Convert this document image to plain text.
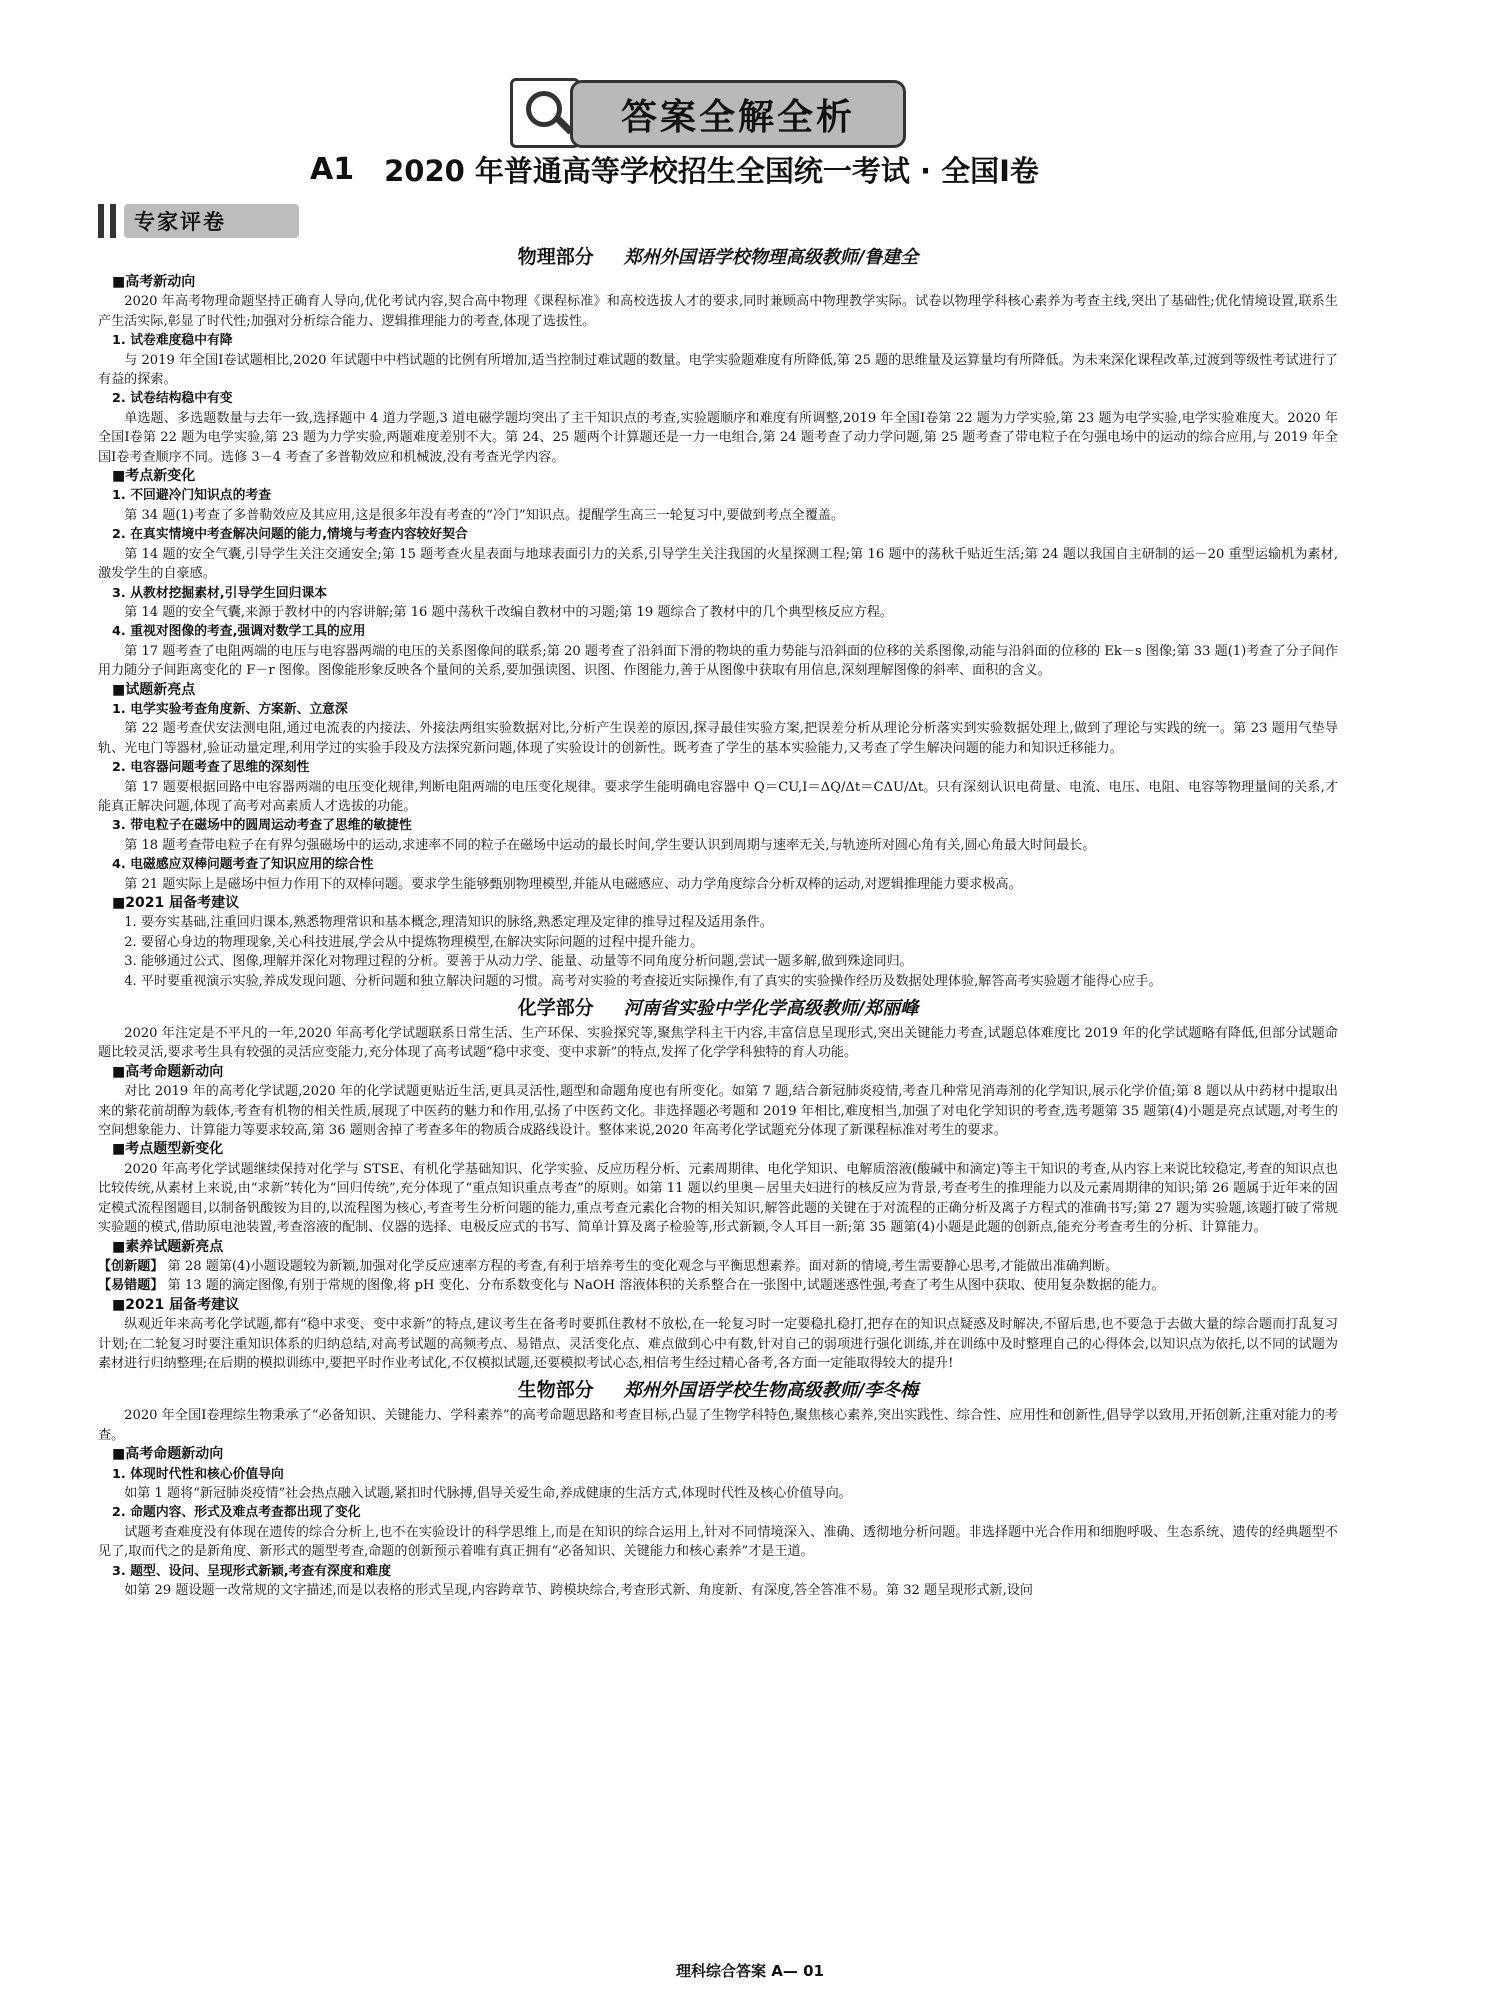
答案全解全析
A1 2020 年普通高等学校招生全国统一考试 · 全国Ⅰ卷
专家评卷
物理部分 郑州外国语学校物理高级教师/鲁建全

■高考新动向

2020 年高考物理命题坚持正确育人导向,优化考试内容,契合高中物理《课程标准》和高校选拔人才的要求,同时兼顾高中物理教学实际。试卷以物理学科核心素养为考查主线,突出了基础性;优化情境设置,联系生产生活实际,彰显了时代性;加强对分析综合能力、逻辑推理能力的考查,体现了选拔性。

1. 试卷难度稳中有降

与 2019 年全国Ⅰ卷试题相比,2020 年试题中中档试题的比例有所增加,适当控制过难试题的数量。电学实验题难度有所降低,第 25 题的思维量及运算量均有所降低。为未来深化课程改革,过渡到等级性考试进行了有益的探索。

2. 试卷结构稳中有变

单选题、多选题数量与去年一致,选择题中 4 道力学题,3 道电磁学题均突出了主干知识点的考查,实验题顺序和难度有所调整,2019 年全国Ⅰ卷第 22 题为力学实验,第 23 题为电学实验,电学实验难度大。2020 年全国Ⅰ卷第 22 题为电学实验,第 23 题为力学实验,两题难度差别不大。第 24、25 题两个计算题还是一力一电组合,第 24 题考查了动力学问题,第 25 题考查了带电粒子在匀强电场中的运动的综合应用,与 2019 年全国Ⅰ卷考查顺序不同。选修 3－4 考查了多普勒效应和机械波,没有考查光学内容。

■考点新变化

1. 不回避冷门知识点的考查

第 34 题(1)考查了多普勒效应及其应用,这是很多年没有考查的“冷门”知识点。提醒学生高三一轮复习中,要做到考点全覆盖。

2. 在真实情境中考查解决问题的能力,情境与考查内容较好契合

第 14 题的安全气囊,引导学生关注交通安全;第 15 题考查火星表面与地球表面引力的关系,引导学生关注我国的火星探测工程;第 16 题中的荡秋千贴近生活;第 24 题以我国自主研制的运－20 重型运输机为素材,激发学生的自豪感。

3. 从教材挖掘素材,引导学生回归课本

第 14 题的安全气囊,来源于教材中的内容讲解;第 16 题中荡秋千改编自教材中的习题;第 19 题综合了教材中的几个典型核反应方程。

4. 重视对图像的考查,强调对数学工具的应用

第 17 题考查了电阻两端的电压与电容器两端的电压的关系图像间的联系;第 20 题考查了沿斜面下滑的物块的重力势能与沿斜面的位移的关系图像,动能与沿斜面的位移的 Ek－s 图像;第 33 题(1)考查了分子间作用力随分子间距离变化的 F－r 图像。图像能形象反映各个量间的关系,要加强读图、识图、作图能力,善于从图像中获取有用信息,深刻理解图像的斜率、面积的含义。

■试题新亮点

1. 电学实验考查角度新、方案新、立意深

第 22 题考查伏安法测电阻,通过电流表的内接法、外接法两组实验数据对比,分析产生误差的原因,探寻最佳实验方案,把误差分析从理论分析落实到实验数据处理上,做到了理论与实践的统一。第 23 题用气垫导轨、光电门等器材,验证动量定理,利用学过的实验手段及方法探究新问题,体现了实验设计的创新性。既考查了学生的基本实验能力,又考查了学生解决问题的能力和知识迁移能力。

2. 电容器问题考查了思维的深刻性

第 17 题要根据回路中电容器两端的电压变化规律,判断电阻两端的电压变化规律。要求学生能明确电容器中 Q＝CU,I＝ΔQ/Δt＝CΔU/Δt。只有深刻认识电荷量、电流、电压、电阻、电容等物理量间的关系,才能真正解决问题,体现了高考对高素质人才选拔的功能。

3. 带电粒子在磁场中的圆周运动考查了思维的敏捷性

第 18 题考查带电粒子在有界匀强磁场中的运动,求速率不同的粒子在磁场中运动的最长时间,学生要认识到周期与速率无关,与轨迹所对圆心角有关,圆心角最大时间最长。

4. 电磁感应双棒问题考查了知识应用的综合性

第 21 题实际上是磁场中恒力作用下的双棒问题。要求学生能够甄别物理模型,并能从电磁感应、动力学角度综合分析双棒的运动,对逻辑推理能力要求极高。

■2021 届备考建议

1. 要夯实基础,注重回归课本,熟悉物理常识和基本概念,理清知识的脉络,熟悉定理及定律的推导过程及适用条件。

2. 要留心身边的物理现象,关心科技进展,学会从中提炼物理模型,在解决实际问题的过程中提升能力。

3. 能够通过公式、图像,理解并深化对物理过程的分析。要善于从动力学、能量、动量等不同角度分析问题,尝试一题多解,做到殊途同归。

4. 平时要重视演示实验,养成发现问题、分析问题和独立解决问题的习惯。高考对实验的考查接近实际操作,有了真实的实验操作经历及数据处理体验,解答高考实验题才能得心应手。

化学部分 河南省实验中学化学高级教师/郑丽峰

2020 年注定是不平凡的一年,2020 年高考化学试题联系日常生活、生产环保、实验探究等,聚焦学科主干内容,丰富信息呈现形式,突出关键能力考查,试题总体难度比 2019 年的化学试题略有降低,但部分试题命题比较灵活,要求考生具有较强的灵活应变能力,充分体现了高考试题“稳中求变、变中求新”的特点,发挥了化学学科独特的育人功能。

■高考命题新动向

对比 2019 年的高考化学试题,2020 年的化学试题更贴近生活,更具灵活性,题型和命题角度也有所变化。如第 7 题,结合新冠肺炎疫情,考查几种常见消毒剂的化学知识,展示化学价值;第 8 题以从中药材中提取出来的紫花前胡醇为载体,考查有机物的相关性质,展现了中医药的魅力和作用,弘扬了中医药文化。非选择题必考题和 2019 年相比,难度相当,加强了对电化学知识的考查,选考题第 35 题第(4)小题是亮点试题,对考生的空间想象能力、计算能力等要求较高,第 36 题则舍掉了考查多年的物质合成路线设计。整体来说,2020 年高考化学试题充分体现了新课程标准对考生的要求。

■考点题型新变化

2020 年高考化学试题继续保持对化学与 STSE、有机化学基础知识、化学实验、反应历程分析、元素周期律、电化学知识、电解质溶液(酸碱中和滴定)等主干知识的考查,从内容上来说比较稳定,考查的知识点也比较传统,从素材上来说,由“求新”转化为“回归传统”,充分体现了“重点知识重点考查”的原则。如第 11 题以约里奥－居里夫妇进行的核反应为背景,考查考生的推理能力以及元素周期律的知识;第 26 题属于近年来的固定模式流程图题目,以制备钒酸铵为目的,以流程图为核心,考查考生分析问题的能力,重点考查元素化合物的相关知识,解答此题的关键在于对流程的正确分析及离子方程式的准确书写;第 27 题为实验题,该题打破了常规实验题的模式,借助原电池装置,考查溶液的配制、仪器的选择、电极反应式的书写、简单计算及离子检验等,形式新颖,令人耳目一新;第 35 题第(4)小题是此题的创新点,能充分考查考生的分析、计算能力。

■素养试题新亮点

【创新题】 第 28 题第(4)小题设题较为新颖,加强对化学反应速率方程的考查,有利于培养考生的变化观念与平衡思想素养。面对新的情境,考生需要静心思考,才能做出准确判断。

【易错题】 第 13 题的滴定图像,有别于常规的图像,将 pH 变化、分布系数变化与 NaOH 溶液体积的关系整合在一张图中,试题迷惑性强,考查了考生从图中获取、使用复杂数据的能力。

■2021 届备考建议

纵观近年来高考化学试题,都有“稳中求变、变中求新”的特点,建议考生在备考时要抓住教材不放松,在一轮复习时一定要稳扎稳打,把存在的知识点疑惑及时解决,不留后患,也不要急于去做大量的综合题而打乱复习计划;在二轮复习时要注重知识体系的归纳总结,对高考试题的高频考点、易错点、灵活变化点、难点做到心中有数,针对自己的弱项进行强化训练,并在训练中及时整理自己的心得体会,以知识点为依托,以不同的试题为素材进行归纳整理;在后期的模拟训练中,要把平时作业考试化,不仅模拟试题,还要模拟考试心态,相信考生经过精心备考,各方面一定能取得较大的提升!

生物部分 郑州外国语学校生物高级教师/李冬梅

2020 年全国Ⅰ卷理综生物秉承了“必备知识、关键能力、学科素养”的高考命题思路和考查目标,凸显了生物学科特色,聚焦核心素养,突出实践性、综合性、应用性和创新性,倡导学以致用,开拓创新,注重对能力的考查。

■高考命题新动向

1. 体现时代性和核心价值导向

如第 1 题将“新冠肺炎疫情”社会热点融入试题,紧扣时代脉搏,倡导关爱生命,养成健康的生活方式,体现时代性及核心价值导向。

2. 命题内容、形式及难点考查都出现了变化

试题考查难度没有体现在遗传的综合分析上,也不在实验设计的科学思维上,而是在知识的综合运用上,针对不同情境深入、准确、透彻地分析问题。非选择题中光合作用和细胞呼吸、生态系统、遗传的经典题型不见了,取而代之的是新角度、新形式的题型考查,命题的创新预示着唯有真正拥有“必备知识、关键能力和核心素养”才是王道。

3. 题型、设问、呈现形式新颖,考查有深度和难度

如第 29 题设题一改常规的文字描述,而是以表格的形式呈现,内容跨章节、跨模块综合,考查形式新、角度新、有深度,答全答准不易。第 32 题呈现形式新,设问

理科综合答案 A— 01
